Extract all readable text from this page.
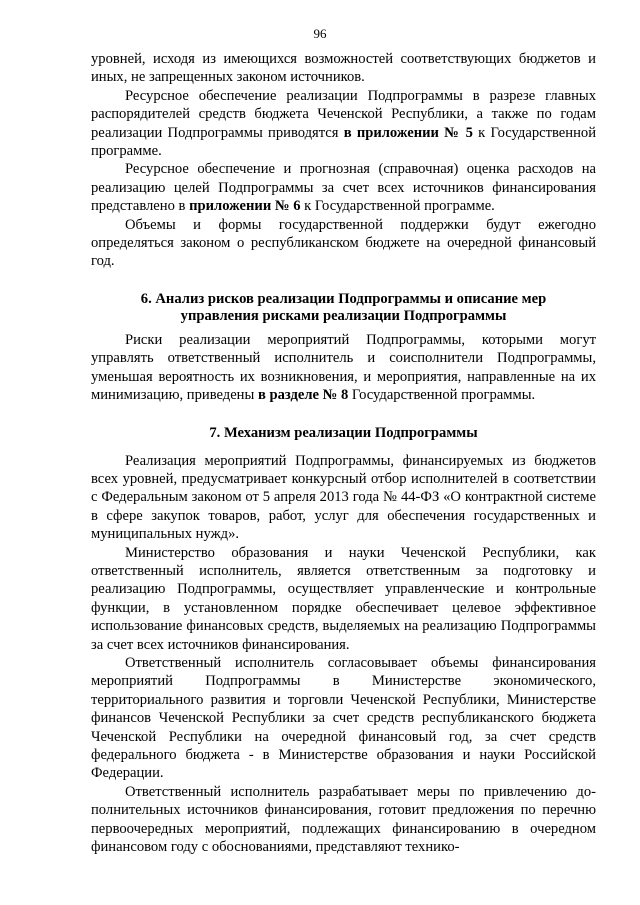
96

уровней, исходя из имеющихся возможностей соответствующих бюджетов и иных, не запрещенных законом источников.

Ресурсное обеспечение реализации Подпрограммы в разрезе главных распорядителей средств бюджета Чеченской Республики, а также по годам реализации Подпрограммы приводятся в приложении № 5 к Государственной программе.

Ресурсное обеспечение и прогнозная (справочная) оценка расходов на реализацию целей Подпрограммы за счет всех источников финансирования представлено в приложении № 6 к Государственной программе.

Объемы и формы государственной поддержки будут ежегодно определяться законом о республиканском бюджете на очередной финансовый год.

6. Анализ рисков реализации Подпрограммы и описание мер
управления рисками реализации Подпрограммы

Риски реализации мероприятий Подпрограммы, которыми могут управлять ответственный исполнитель и соисполнители Подпрограммы, уменьшая вероятность их возникновения, и мероприятия, направленные на их минимизацию, приведены в разделе № 8 Государственной программы.

7. Механизм реализации Подпрограммы

Реализация мероприятий Подпрограммы, финансируемых из бюджетов всех уровней, предусматривает конкурсный отбор исполнителей в соответствии с Федеральным законом от 5 апреля 2013 года № 44-ФЗ «О контрактной системе в сфере закупок товаров, работ, услуг для обеспечения государственных и муниципальных нужд».

Министерство образования и науки Чеченской Республики, как ответственный исполнитель, является ответственным за подготовку и реализацию Подпрограммы, осуществляет управленческие и контрольные функции, в установленном порядке обеспечивает целевое эффективное использование финансовых средств, выделяемых на реализацию Подпрограммы за счет всех источников финансирования.

Ответственный исполнитель согласовывает объемы финансирования мероприятий Подпрограммы в Министерстве экономического, территориального развития и торговли Чеченской Республики, Министерстве финансов Чеченской Республики за счет средств республиканского бюджета Чеченской Республики на очередной финансовый год, за счет средств федерального бюджета - в Министерстве образования и науки Российской Федерации.

Ответственный исполнитель разрабатывает меры по привлечению до-полнительных источников финансирования, готовит предложения по перечню первоочередных мероприятий, подлежащих финансированию в очередном финансовом году с обоснованиями, представляют технико-
